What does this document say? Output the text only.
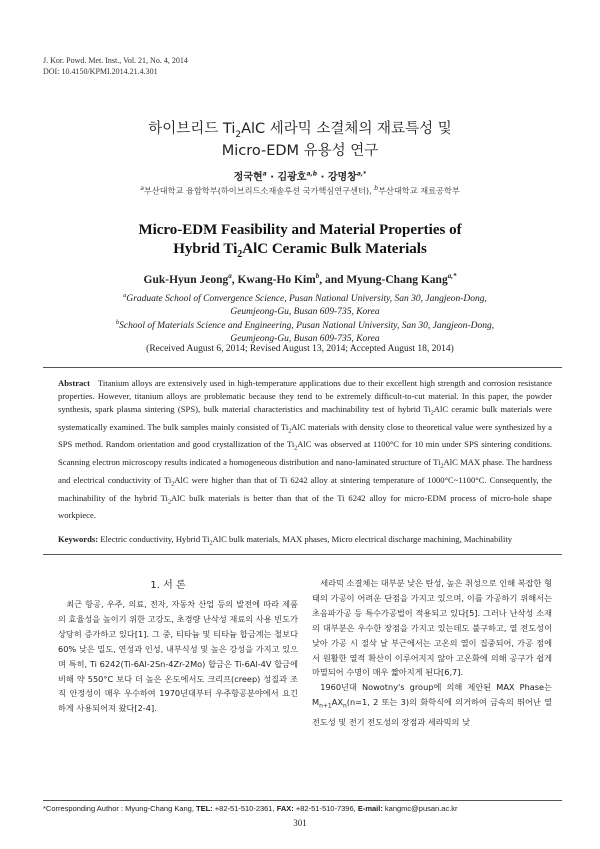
J. Kor. Powd. Met. Inst., Vol. 21, No. 4, 2014
DOI: 10.4150/KPMI.2014.21.4.301
하이브리드 $Ti_2AlC$ 세라믹 소결체의 재료특성 및
Micro-EDM 유용성 연구
정국현$^a$ · 김광호$^{a,b}$ · 강명창$^{a,*}$
$^a$부산대학교 융합학부(하이브리드소재솔루션 국가핵심연구센터), $^b$부산대학교 재료공학부
Micro-EDM Feasibility and Material Properties of
Hybrid $Ti_2AlC$ Ceramic Bulk Materials
Guk-Hyun Jeong$^a$, Kwang-Ho Kim$^b$, and Myung-Chang Kang$^{a,*}$
$^a$Graduate School of Convergence Science, Pusan National University, San 30, Jangjeon-Dong,
Geumjeong-Gu, Busan 609-735, Korea
$^b$School of Materials Science and Engineering, Pusan National University, San 30, Jangjeon-Dong,
Geumjeong-Gu, Busan 609-735, Korea
(Received August 6, 2014; Revised August 13, 2014; Accepted August 18, 2014)
Abstract Titanium alloys are extensively used in high-temperature applications due to their excellent high strength and corrosion resistance properties. However, titanium alloys are problematic because they tend to be extremely difficult-to-cut material. In this paper, the powder synthesis, spark plasma sintering (SPS), bulk material characteristics and machinability test of hybrid $Ti_2AlC$ ceramic bulk materials were systematically examined. The bulk samples mainly consisted of $Ti_2AlC$ materials with density close to theoretical value were synthesized by a SPS method. Random orientation and good crystallization of the $Ti_2AlC$ was observed at 1100°C for 10 min under SPS sintering conditions. Scanning electron microscopy results indicated a homogeneous distribution and nano-laminated structure of $Ti_2AlC$ MAX phase. The hardness and electrical conductivity of $Ti_2AlC$ were higher than that of Ti 6242 alloy at sintering temperature of 1000°C~1100°C. Consequently, the machinability of the hybrid $Ti_2AlC$ bulk materials is better than that of the Ti 6242 alloy for micro-EDM process of micro-hole shape workpiece.
Keywords: Electric conductivity, Hybrid $Ti_2AlC$ bulk materials, MAX phases, Micro electrical discharge machining, Machinability
1. 서 론

최근 항공, 우주, 의료, 전자, 자동차 산업 등의 발전에 따라 제품의 효율성을 높이기 위한 고강도, 초경량 난삭성 재료의 사용 빈도가 상당히 증가하고 있다[1]. 그 중, 티타늄 및 티타늄 합금계는 철보다 60% 낮은 밀도, 연성과 인성, 내부식성 및 높은 강성을 가지고 있으며 특히, Ti 6242(Ti-6Al-2Sn-4Zr-2Mo) 합금은 Ti-6Al-4V 합금에 비해 약 550°C 보다 더 높은 온도에서도 크리프(creep) 성질과 조직 안정성이 매우 우수하여 1970년대부터 우주항공분야에서 요긴하게 사용되어져 왔다[2-4].

세라믹 소결체는 대부분 낮은 탄성, 높은 취성으로 인해 복잡한 형태의 가공이 어려운 단점을 가지고 있으며, 이를 가공하기 위해서는 초음파가공 등 특수가공법이 적용되고 있다[5]. 그러나 난삭성 소재의 대부분은 우수한 장점을 가지고 있는데도 불구하고, 열 전도성이 낮아 가공 시 절삭 날 부근에서는 고온의 열이 집중되어, 가공 점에서 원활한 열적 확산이 이루어지지 않아 고온화에 의해 공구가 쉽게 마멸되어 수명이 매우 짧아지게 된다[6,7].

1960년대 Nowotny's group에 의해 제안된 MAX Phase는 $M_{n+1}AX_n(n=1$, 2 또는 3)의 화학식에 의거하여 금속의 뛰어난 열 전도성 및 전기 전도성의 장점과 세라믹의 낮

*Corresponding Author : Myung-Chang Kang, TEL: +82-51-510-2361, FAX: +82-51-510-7396, E-mail: kangmc@pusan.ac.kr
301
